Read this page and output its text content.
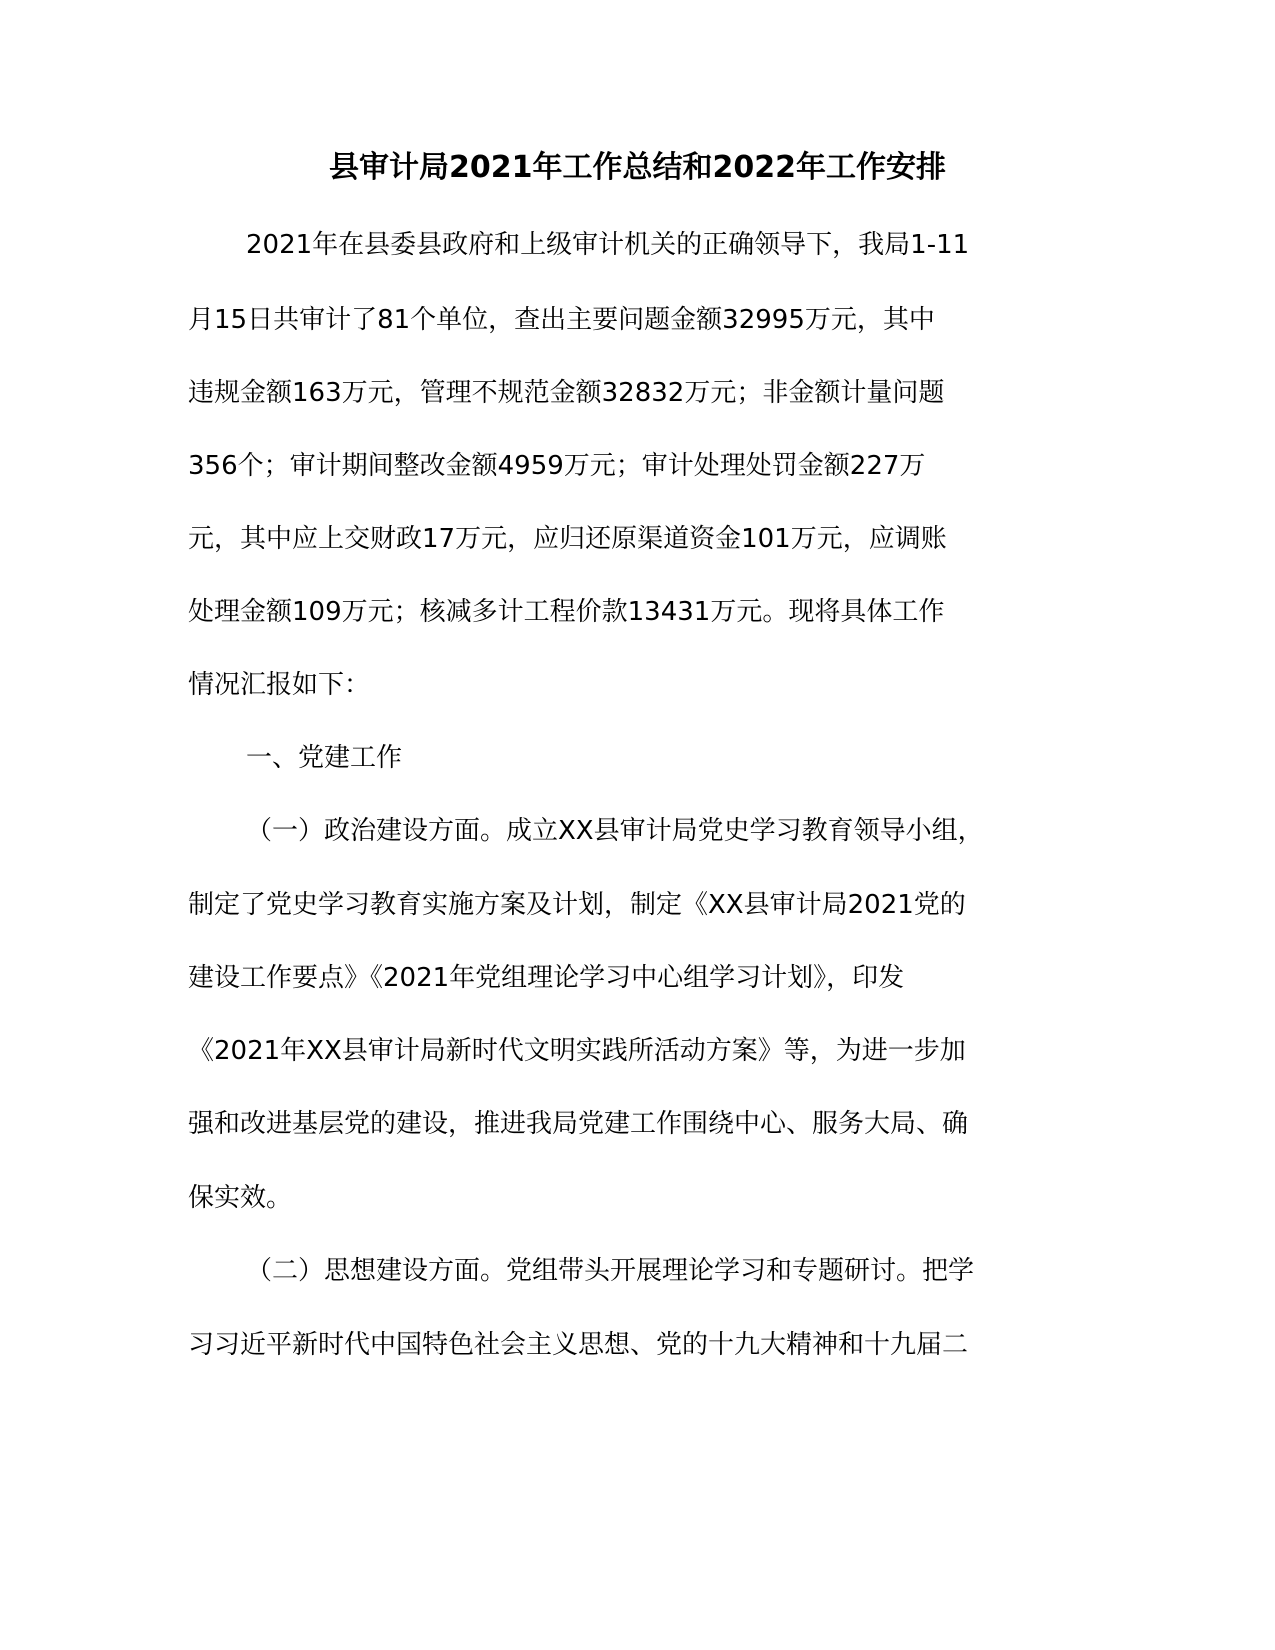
县审计局2021年工作总结和2022年工作安排
2021年在县委县政府和上级审计机关的正确领导下，我局1-11
月15日共审计了81个单位，查出主要问题金额32995万元，其中
违规金额163万元，管理不规范金额32832万元；非金额计量问题
356个；审计期间整改金额4959万元；审计处理处罚金额227万
元，其中应上交财政17万元，应归还原渠道资金101万元，应调账
处理金额109万元；核减多计工程价款13431万元。现将具体工作
情况汇报如下：
一、党建工作
（一）政治建设方面。成立XX县审计局党史学习教育领导小组，
制定了党史学习教育实施方案及计划，制定《XX县审计局2021党的
建设工作要点》《2021年党组理论学习中心组学习计划》，印发
《2021年XX县审计局新时代文明实践所活动方案》等，为进一步加
强和改进基层党的建设，推进我局党建工作围绕中心、服务大局、确
保实效。
（二）思想建设方面。党组带头开展理论学习和专题研讨。把学
习习近平新时代中国特色社会主义思想、党的十九大精神和十九届二
